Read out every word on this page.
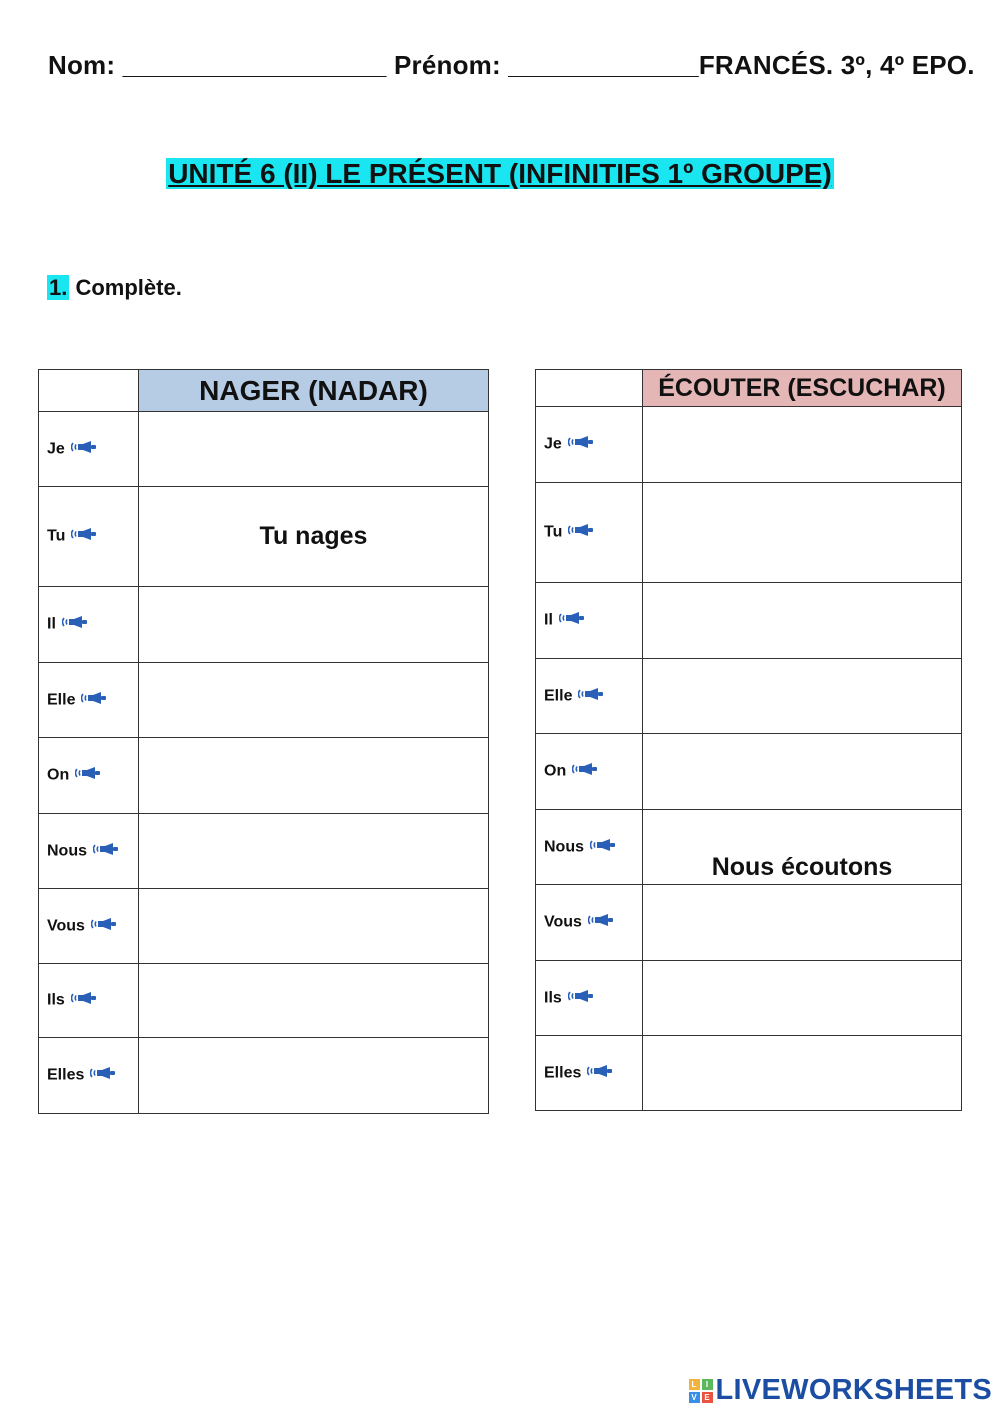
Nom: __________________ Prénom: _____________FRANCÉS. 3º, 4º EPO.
UNITÉ 6 (II) LE PRÉSENT (INFINITIFS 1º GROUPE)
1. Complète.
	NAGER (NADAR)
Je	
Tu	Tu nages
Il	
Elle	
On	
Nous	
Vous	
Ils	
Elles	
	ÉCOUTER (ESCUCHAR)
Je	
Tu	
Il	
Elle	
On	
Nous	Nous écoutons
Vous	
Ils	
Elles	
L	I
V E LIVEWORKSHEETS
